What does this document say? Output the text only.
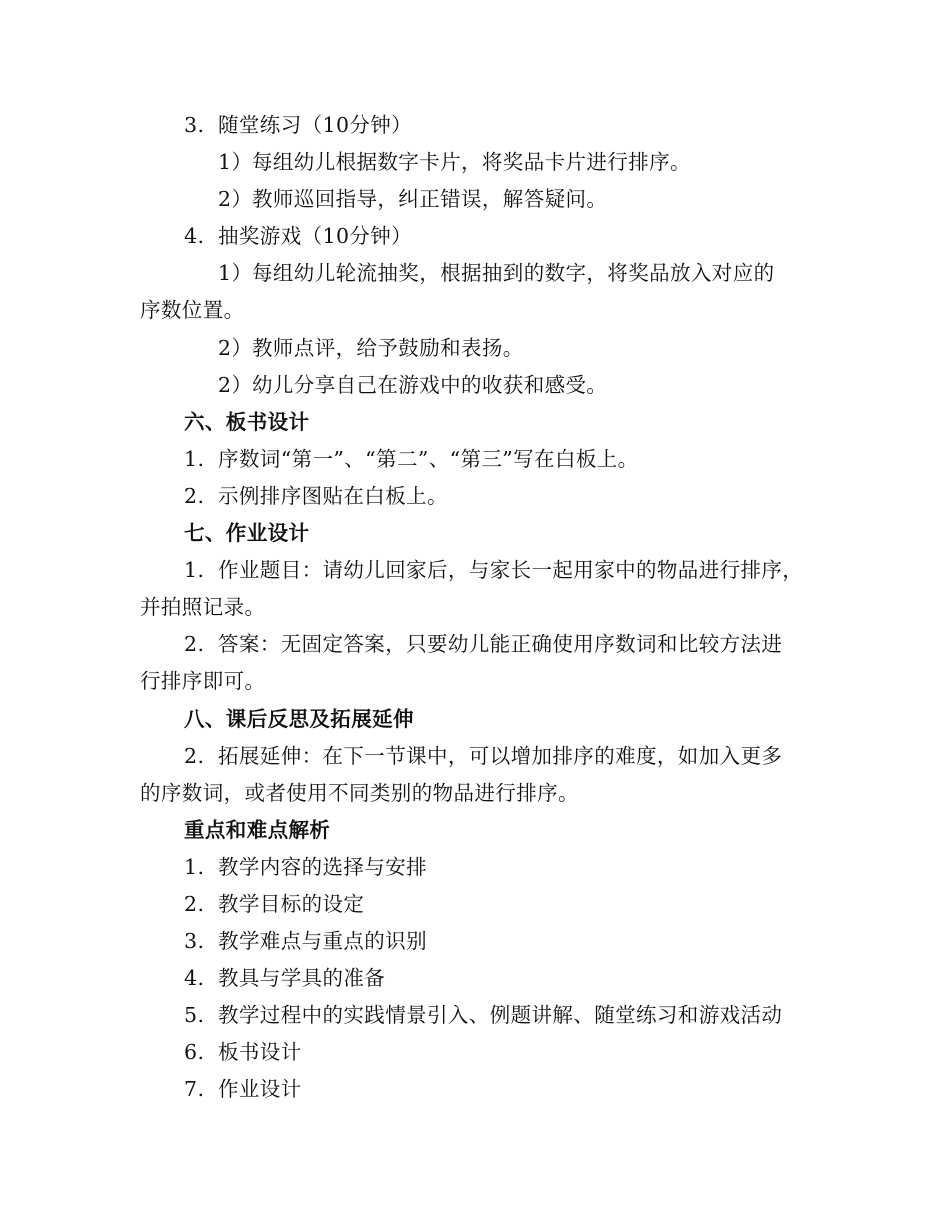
3. 随堂练习（10分钟）
1）每组幼儿根据数字卡片，将奖品卡片进行排序。
2）教师巡回指导，纠正错误，解答疑问。
4. 抽奖游戏（10分钟）
1）每组幼儿轮流抽奖，根据抽到的数字，将奖品放入对应的
序数位置。
2）教师点评，给予鼓励和表扬。
2）幼儿分享自己在游戏中的收获和感受。
六、板书设计
1. 序数词“第一”、“第二”、“第三”写在白板上。
2. 示例排序图贴在白板上。
七、作业设计
1. 作业题目：请幼儿回家后，与家长一起用家中的物品进行排序，
并拍照记录。
2. 答案：无固定答案，只要幼儿能正确使用序数词和比较方法进
行排序即可。
八、课后反思及拓展延伸
2. 拓展延伸：在下一节课中，可以增加排序的难度，如加入更多
的序数词，或者使用不同类别的物品进行排序。
重点和难点解析
1. 教学内容的选择与安排
2. 教学目标的设定
3. 教学难点与重点的识别
4. 教具与学具的准备
5. 教学过程中的实践情景引入、例题讲解、随堂练习和游戏活动
6. 板书设计
7. 作业设计
